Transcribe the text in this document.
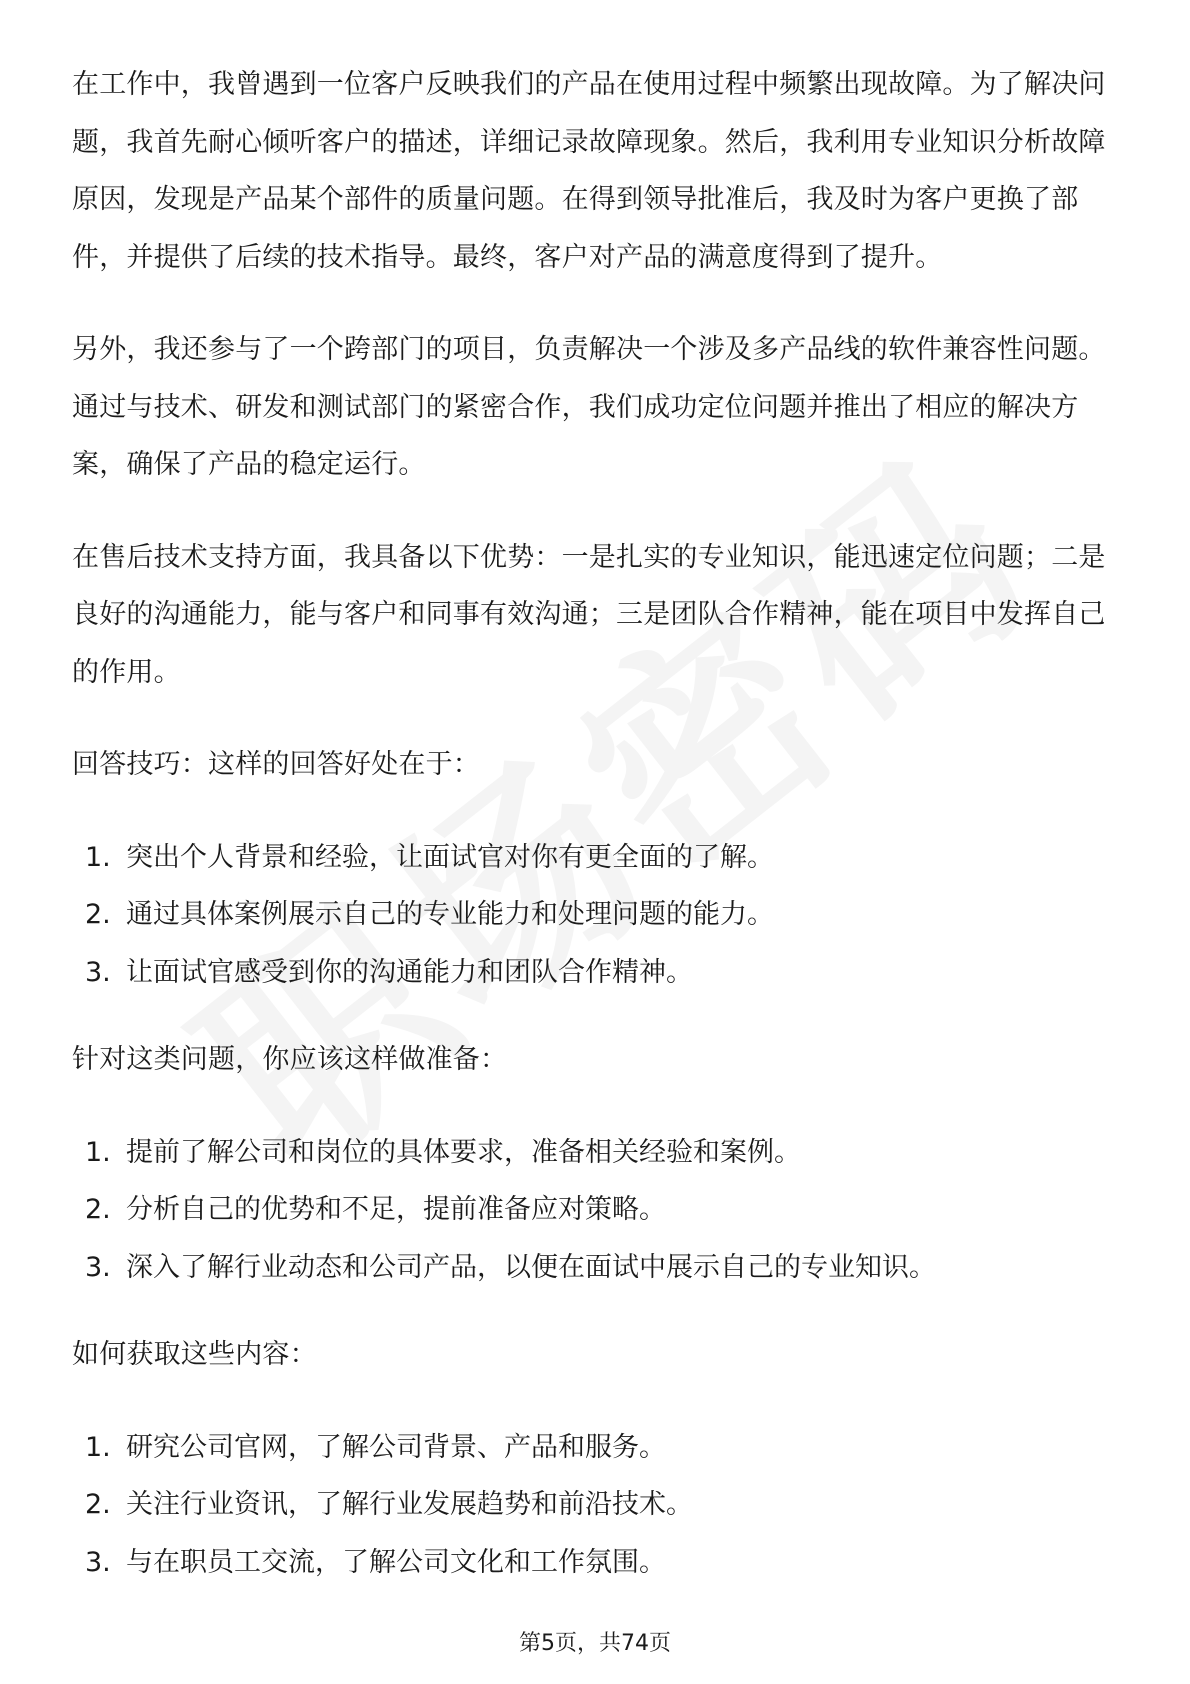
在工作中，我曾遇到一位客户反映我们的产品在使用过程中频繁出现故障。为了解决问题，我首先耐心倾听客户的描述，详细记录故障现象。然后，我利用专业知识分析故障原因，发现是产品某个部件的质量问题。在得到领导批准后，我及时为客户更换了部件，并提供了后续的技术指导。最终，客户对产品的满意度得到了提升。

另外，我还参与了一个跨部门的项目，负责解决一个涉及多产品线的软件兼容性问题。通过与技术、研发和测试部门的紧密合作，我们成功定位问题并推出了相应的解决方案，确保了产品的稳定运行。

在售后技术支持方面，我具备以下优势：一是扎实的专业知识，能迅速定位问题；二是良好的沟通能力，能与客户和同事有效沟通；三是团队合作精神，能在项目中发挥自己的作用。

回答技巧：这样的回答好处在于：

1. 突出个人背景和经验，让面试官对你有更全面的了解。
2. 通过具体案例展示自己的专业能力和处理问题的能力。
3. 让面试官感受到你的沟通能力和团队合作精神。

针对这类问题，你应该这样做准备：

1. 提前了解公司和岗位的具体要求，准备相关经验和案例。
2. 分析自己的优势和不足，提前准备应对策略。
3. 深入了解行业动态和公司产品，以便在面试中展示自己的专业知识。

如何获取这些内容：

1. 研究公司官网，了解公司背景、产品和服务。
2. 关注行业资讯，了解行业发展趋势和前沿技术。
3. 与在职员工交流，了解公司文化和工作氛围。
第5页，共74页
